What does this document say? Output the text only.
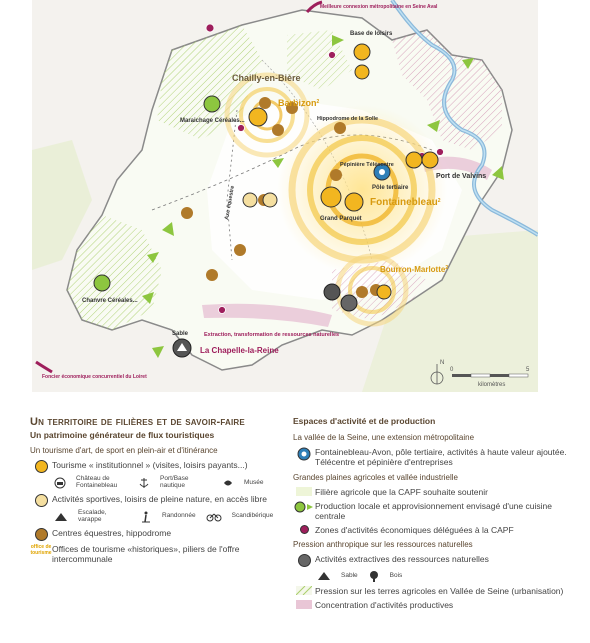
Chailly-en-Bière
Barbizon$^2$
Fontainebleau$^2$
Bourron-Marlotte$^2$
La Chapelle-la-Reine
Port de Valvins
Base de loisirs
Hippodrome de la Solle
Pépinière Télécentre
Pôle tertiaire
Grand Parquet
Maraichage Céréales...
Chanvre Céréales...
Sable
Axe équestre
Extraction, transformation de ressources naturelles
Meilleure connexion métropolitaine en Seine Aval
Foncier économique concurrentiel du Loiret
N
0	5
kilomètres
Un territoire de filières et de savoir-faire
Un patrimoine générateur de flux touristiques
Un tourisme d'art, de sport en plein-air et d'itinérance
Tourisme « institutionnel » (visites, loisirs payants...)
Château de Fontainebleau
Port/Base nautique	Musée
Activités sportives, loisirs de pleine nature, en accès libre
Escalade, varappe	Randonnée	Scandibérique
Centres équestres, hippodrome
office de tourisme Offices de tourisme «historiques», piliers de l'offre intercommunale
Espaces d'activité et de production
La vallée de la Seine, une extension métropolitaine
Fontainebleau-Avon, pôle tertiaire, activités à haute valeur ajoutée. Télécentre et pépinière d'entreprises
Grandes plaines agricoles et vallée industrielle
Filière agricole que la CAPF souhaite soutenir
Production locale et approvisionnement envisagé d'une cuisine centrale
Zones d'activités économiques déléguées à la CAPF
Pression anthropique sur les ressources naturelles
Activités extractives des ressources naturelles
Sable	Bois
Pression sur les terres agricoles en Vallée de Seine (urbanisation)
Concentration d'activités productives
